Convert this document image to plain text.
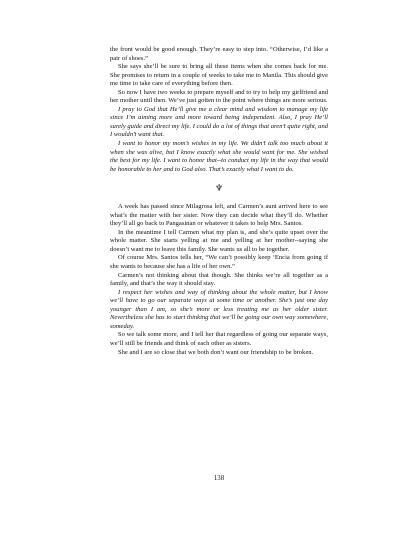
the front would be good enough. They’re easy to step into. “Otherwise, I’d like a pair of shoes.”

She says she’ll be sure to bring all these items when she comes back for me. She promises to return in a couple of weeks to take me to Manila. This should give me time to take care of everything before then.

So now I have two weeks to prepare myself and to try to help my girlfriend and her mother until then. We’ve just gotten to the point where things are more serious.

I pray to God that He’ll give me a clear mind and wisdom to manage my life since I’m aiming more and more toward being independent. Also, I pray He’ll surely guide and direct my life. I could do a lot of things that aren’t quite right, and I wouldn’t want that.

I want to honor my mom’s wishes in my life. We didn’t talk too much about it when she was alive, but I know exactly what she would want for me. She wished the best for my life. I want to honor that--to conduct my life in the way that would be honorable to her and to God also. That’s exactly what I want to do.

♆

A week has passed since Milagrosa left, and Carmen’s aunt arrived here to see what’s the matter with her sister. Now they can decide what they’ll do. Whether they’ll all go back to Pangasinan or whatever it takes to help Mrs. Santos.

In the meantime I tell Carmen what my plan is, and she’s quite upset over the whole matter. She starts yelling at me and yelling at her mother--saying she doesn’t want me to leave this family. She wants us all to be together.

Of course Mrs. Santos tells her, “We can’t possibly keep ‘Encia from going if she wants to because she has a life of her own.”

Carmen’s not thinking about that though. She thinks we’re all together as a family, and that’s the way it should stay.

I respect her wishes and way of thinking about the whole matter, but I know we’ll have to go our separate ways at some time or another. She’s just one day younger than I am, so she’s more or less treating me as her older sister. Nevertheless she has to start thinking that we’ll be going our own way somewhere, someday.

So we talk some more, and I tell her that regardless of going our separate ways, we’ll still be friends and think of each other as sisters.

She and I are so close that we both don’t want our friendship to be broken.

138
